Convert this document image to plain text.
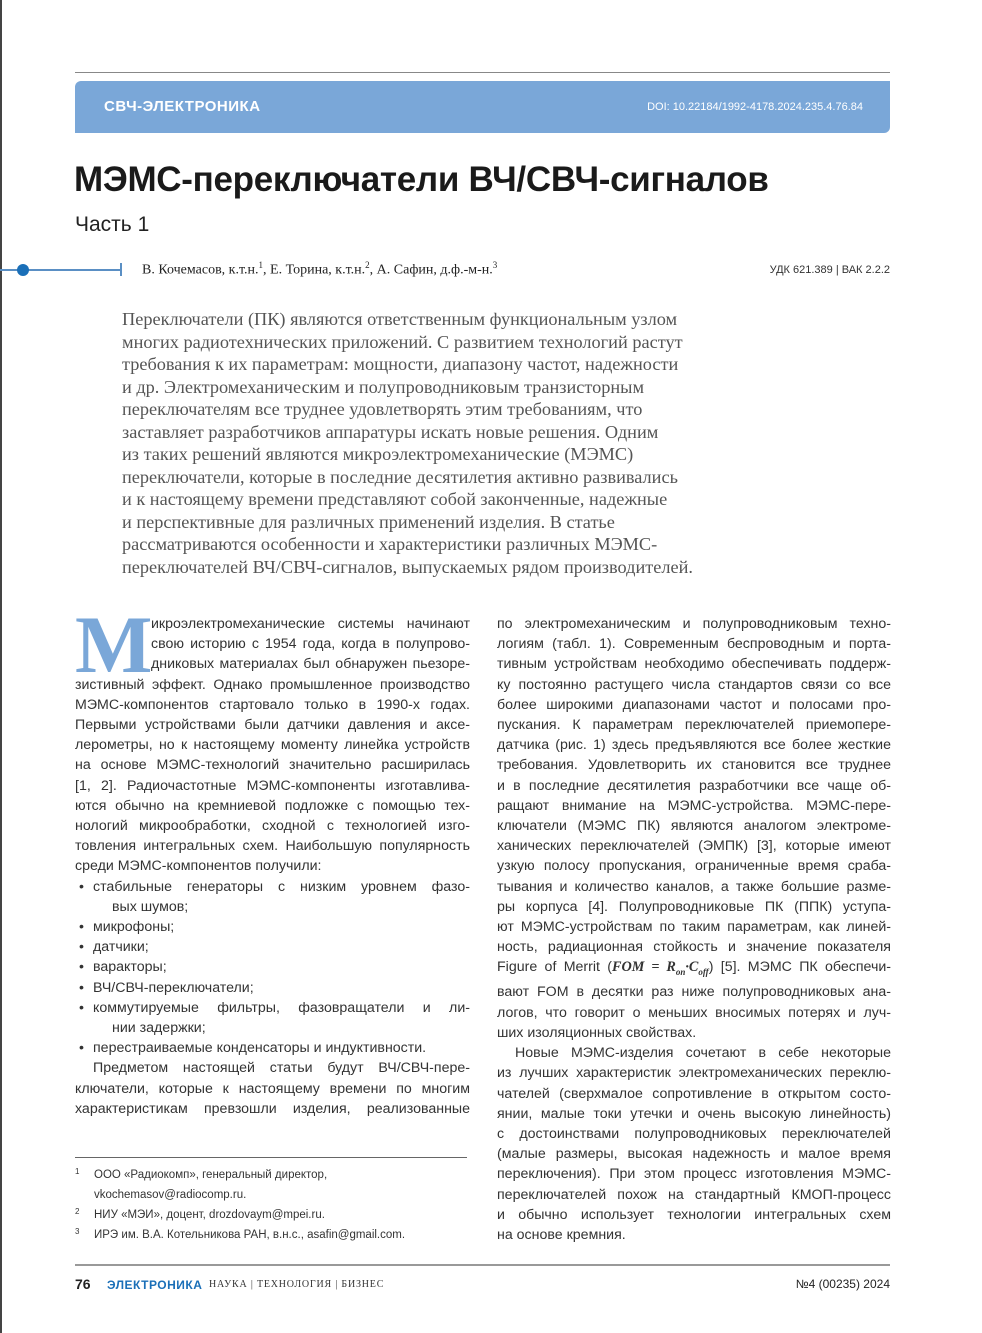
СВЧ-ЭЛЕКТРОНИКА	DOI: 10.22184/1992-4178.2024.235.4.76.84
МЭМС-переключатели ВЧ/СВЧ-сигналов
Часть 1
В. Кочемасов, к.т.н.$^1$, Е. Торина, к.т.н.$^2$, А. Сафин, д.ф.-м-н.$^3$	УДК 621.389 | ВАК 2.2.2
Переключатели (ПК) являются ответственным функциональным узлом
многих радиотехнических приложений. С развитием технологий растут
требования к их параметрам: мощности, диапазону частот, надежности
и др. Электромеханическим и полупроводниковым транзисторным
переключателям все труднее удовлетворять этим требованиям, что
заставляет разработчиков аппаратуры искать новые решения. Одним
из таких решений являются микроэлектромеханические (МЭМС)
переключатели, которые в последние десятилетия активно развивались
и к настоящему времени представляют собой законченные, надежные
и перспективные для различных применений изделия. В статье
рассматриваются особенности и характеристики различных МЭМС-
переключателей ВЧ/СВЧ-сигналов, выпускаемых рядом производителей.
М
икроэлектромеханические системы начинают
свою историю с 1954 года, когда в полупрово-
дниковых материалах был обнаружен пьезоре-
зистивный эффект. Однако промышленное производство
МЭМС-компонентов стартовало только в 1990-х годах.
Первыми устройствами были датчики давления и аксе-
лерометры, но к настоящему моменту линейка устройств
на основе МЭМС-технологий значительно расширилась
[1, 2]. Радиочастотные МЭМС-компоненты изготавлива-
ются обычно на кремниевой подложке с помощью тех-
нологий микрообработки, сходной с технологией изго-
товления интегральных схем. Наибольшую популярность
среди МЭМС-компонентов получили:
• стабильные генераторы с низким уровнем фазо-
вых шумов;
• микрофоны;
• датчики;
• варакторы;
• ВЧ/СВЧ-переключатели;
• коммутируемые фильтры, фазовращатели и ли-
нии задержки;
• перестраиваемые конденсаторы и индуктивности.
Предметом настоящей статьи будут ВЧ/СВЧ-пере-
ключатели, которые к настоящему времени по многим
характеристикам превзошли изделия, реализованные
по электромеханическим и полупроводниковым техно-
логиям (табл. 1). Современным беспроводным и порта-
тивным устройствам необходимо обеспечивать поддерж-
ку постоянно растущего числа стандартов связи со все
более широкими диапазонами частот и полосами про-
пускания. К параметрам переключателей приемопере-
датчика (рис. 1) здесь предъявляются все более жесткие
требования. Удовлетворить их становится все труднее
и в последние десятилетия разработчики все чаще об-
ращают внимание на МЭМС-устройства. МЭМС-пере-
ключатели (МЭМС ПК) являются аналогом электроме-
ханических переключателей (ЭМПК) [3], которые имеют
узкую полосу пропускания, ограниченные время сраба-
тывания и количество каналов, а также большие разме-
ры корпуса [4]. Полупроводниковые ПК (ППК) уступа-
ют МЭМС-устройствам по таким параметрам, как линей-
ность, радиационная стойкость и значение показателя
Figure of Merrit $(FOM = R_{on}\cdot C_{off})$ [5]. МЭМС ПК обеспечи-
вают FOM в десятки раз ниже полупроводниковых ана-
логов, что говорит о меньших вносимых потерях и луч-
ших изоляционных свойствах.
Новые МЭМС-изделия сочетают в себе некоторые
из лучших характеристик электромеханических переклю-
чателей (сверхмалое сопротивление в открытом состо-
янии, малые токи утечки и очень высокую линейность)
с достоинствами полупроводниковых переключателей
(малые размеры, высокая надежность и малое время
переключения). При этом процесс изготовления МЭМС-
переключателей похож на стандартный КМОП-процесс
и обычно использует технологии интегральных схем
на основе кремния.
1 ООО «Радиокомп», генеральный директор,
vkochemasov@radiocomp.ru.
2 НИУ «МЭИ», доцент, drozdovaym@mpei.ru.
3 ИРЭ им. В.А. Котельникова РАН, в.н.с., asafin@gmail.com.
76 ЭЛЕКТРОНИКА НАУКА | ТЕХНОЛОГИЯ | БИЗНЕС	№4 (00235) 2024
